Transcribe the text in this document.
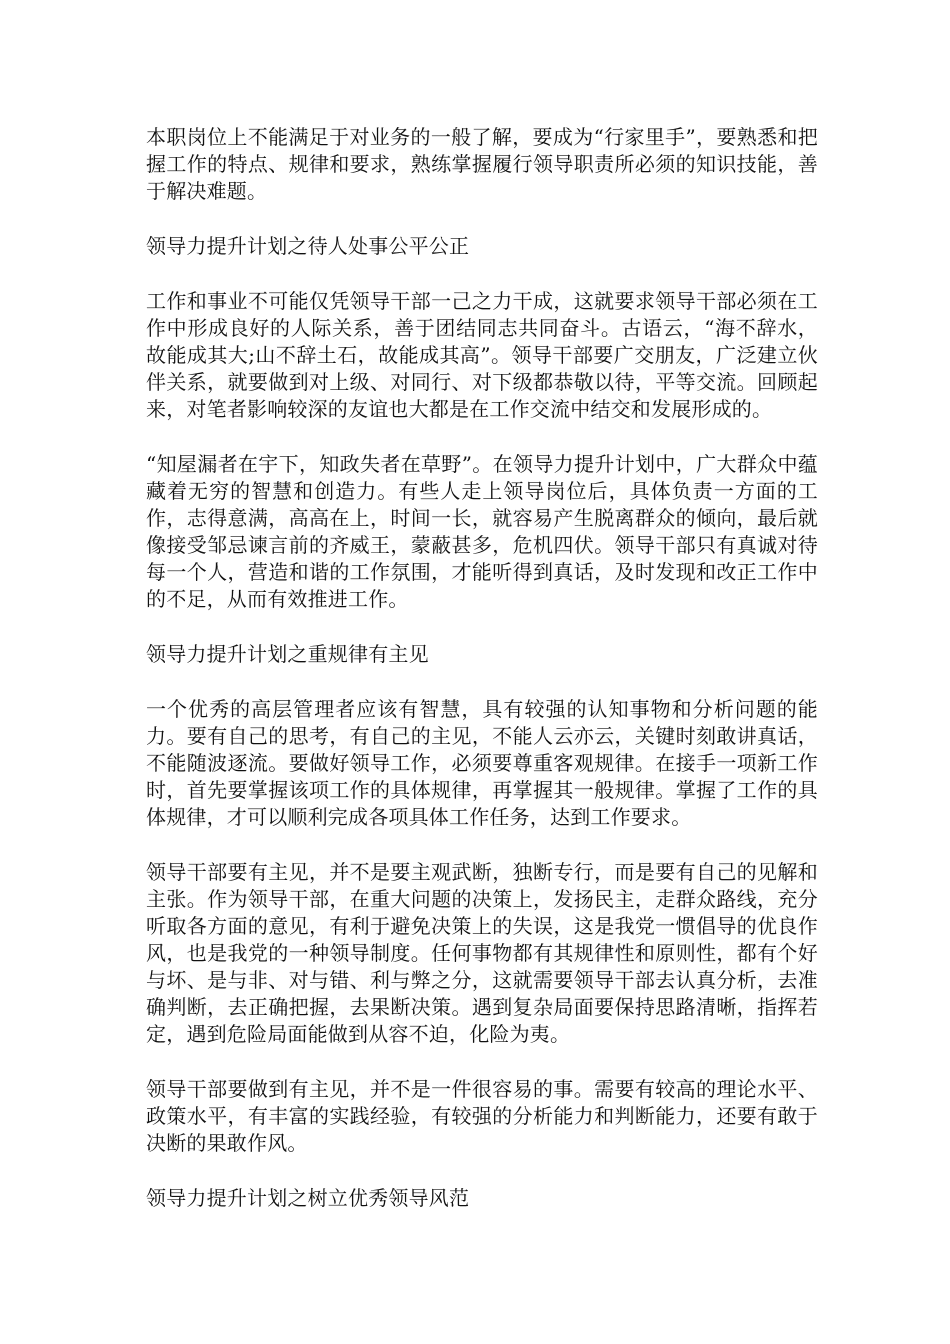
本职岗位上不能满足于对业务的一般了解，要成为“行家里手”，要熟悉和把握工作的特点、规律和要求，熟练掌握履行领导职责所必须的知识技能，善于解决难题。

领导力提升计划之待人处事公平公正

工作和事业不可能仅凭领导干部一己之力干成，这就要求领导干部必须在工作中形成良好的人际关系，善于团结同志共同奋斗。古语云，“海不辞水，故能成其大;山不辞土石，故能成其高”。领导干部要广交朋友，广泛建立伙伴关系，就要做到对上级、对同行、对下级都恭敬以待，平等交流。回顾起来，对笔者影响较深的友谊也大都是在工作交流中结交和发展形成的。

“知屋漏者在宇下，知政失者在草野”。在领导力提升计划中，广大群众中蕴藏着无穷的智慧和创造力。有些人走上领导岗位后，具体负责一方面的工作，志得意满，高高在上，时间一长，就容易产生脱离群众的倾向，最后就像接受邹忌谏言前的齐威王，蒙蔽甚多，危机四伏。领导干部只有真诚对待每一个人，营造和谐的工作氛围，才能听得到真话，及时发现和改正工作中的不足，从而有效推进工作。

领导力提升计划之重规律有主见

一个优秀的高层管理者应该有智慧，具有较强的认知事物和分析问题的能力。要有自己的思考，有自己的主见，不能人云亦云，关键时刻敢讲真话，不能随波逐流。要做好领导工作，必须要尊重客观规律。在接手一项新工作时，首先要掌握该项工作的具体规律，再掌握其一般规律。掌握了工作的具体规律，才可以顺利完成各项具体工作任务，达到工作要求。

领导干部要有主见，并不是要主观武断，独断专行，而是要有自己的见解和主张。作为领导干部，在重大问题的决策上，发扬民主，走群众路线，充分听取各方面的意见，有利于避免决策上的失误，这是我党一惯倡导的优良作风，也是我党的一种领导制度。任何事物都有其规律性和原则性，都有个好与坏、是与非、对与错、利与弊之分，这就需要领导干部去认真分析，去准确判断，去正确把握，去果断决策。遇到复杂局面要保持思路清晰，指挥若定，遇到危险局面能做到从容不迫，化险为夷。

领导干部要做到有主见，并不是一件很容易的事。需要有较高的理论水平、政策水平，有丰富的实践经验，有较强的分析能力和判断能力，还要有敢于决断的果敢作风。

领导力提升计划之树立优秀领导风范
